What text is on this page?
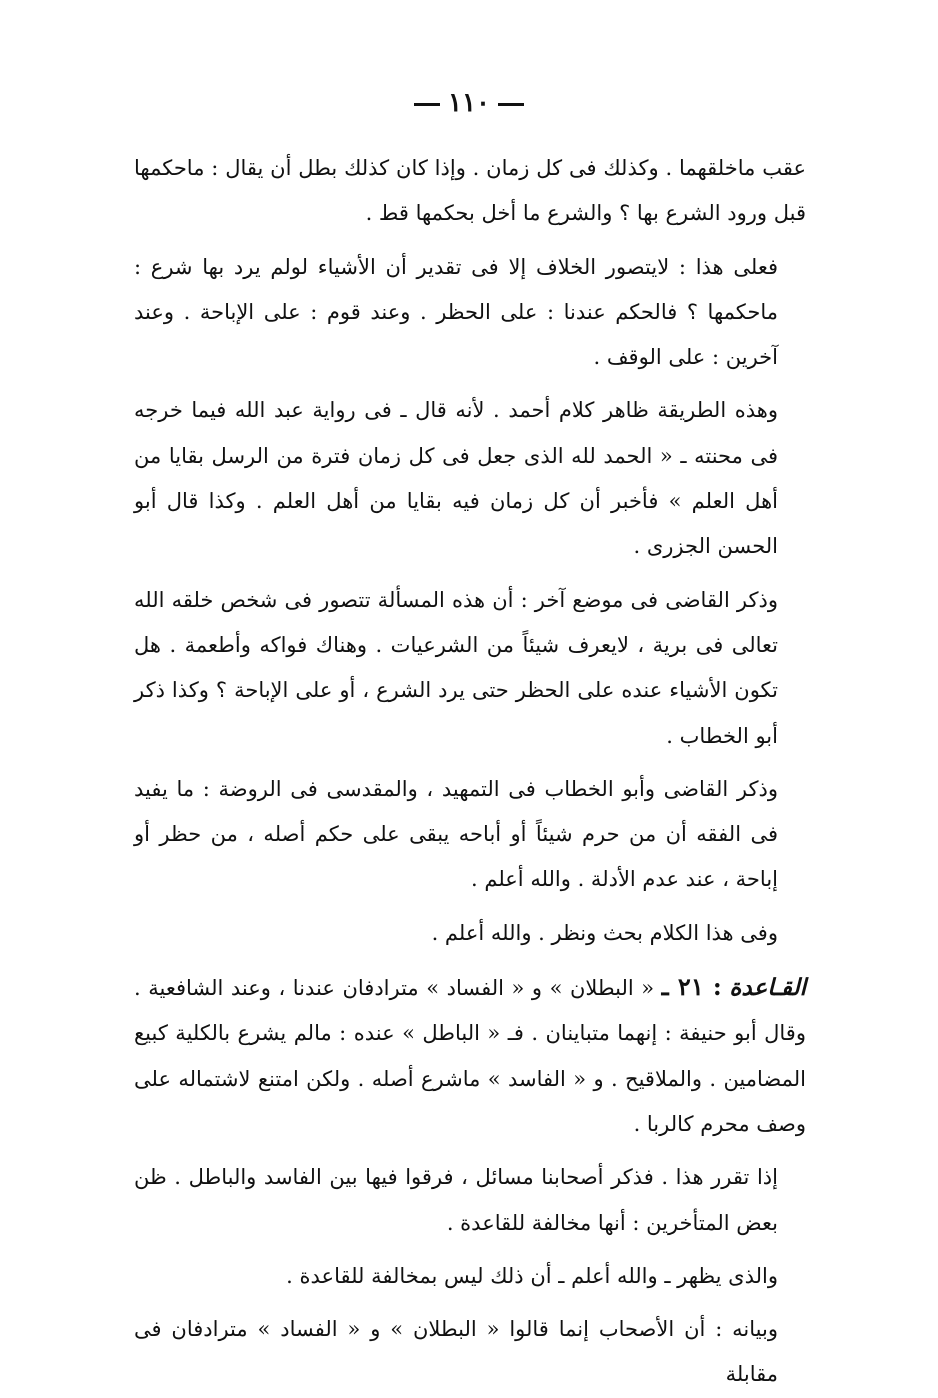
١١٠

عقب ماخلقهما . وكذلك فى كل زمان . وإذا كان كذلك بطل أن يقال : ماحكمها قبل ورود الشرع بها ؟ والشرع ما أخل بحكمها قط .

فعلى هذا : لايتصور الخلاف إلا فى تقدير أن الأشياء لولم يرد بها شرع : ماحكمها ؟ فالحكم عندنا : على الحظر . وعند قوم : على الإباحة . وعند آخرين : على الوقف .

وهذه الطريقة ظاهر كلام أحمد . لأنه قال ـ فى رواية عبد الله فيما خرجه فى محنته ـ « الحمد لله الذى جعل فى كل زمان فترة من الرسل بقايا من أهل العلم » فأخبر أن كل زمان فيه بقايا من أهل العلم . وكذا قال أبو الحسن الجزرى .

وذكر القاضى فى موضع آخر : أن هذه المسألة تتصور فى شخص خلقه الله تعالى فى برية ، لايعرف شيئاً من الشرعيات . وهناك فواكه وأطعمة . هل تكون الأشياء عنده على الحظر حتى يرد الشرع ، أو على الإباحة ؟ وكذا ذكر أبو الخطاب .

وذكر القاضى وأبو الخطاب فى التمهيد ، والمقدسى فى الروضة : ما يفيد فى الفقه أن من حرم شيئاً أو أباحه يبقى على حكم أصله ، من حظر أو إباحة ، عند عدم الأدلة . والله أعلم .

وفى هذا الكلام بحث ونظر . والله أعلم .

القـاعدة : ٢١ ـ « البطلان » و « الفساد » مترادفان عندنا ، وعند الشافعية . وقال أبو حنيفة : إنهما متباينان . فـ « الباطل » عنده : مالم يشرع بالكلية كبيع المضامين . والملاقيح . و « الفاسد » ماشرع أصله . ولكن امتنع لاشتماله على وصف محرم كالربا .

إذا تقرر هذا . فذكر أصحابنا مسائل ، فرقوا فيها بين الفاسد والباطل . ظن بعض المتأخرين : أنها مخالفة للقاعدة .

والذى يظهر ـ والله أعلم ـ أن ذلك ليس بمخالفة للقاعدة .

وبيانه : أن الأصحاب إنما قالوا « البطلان » و « الفساد » مترادفان فى مقابلة
